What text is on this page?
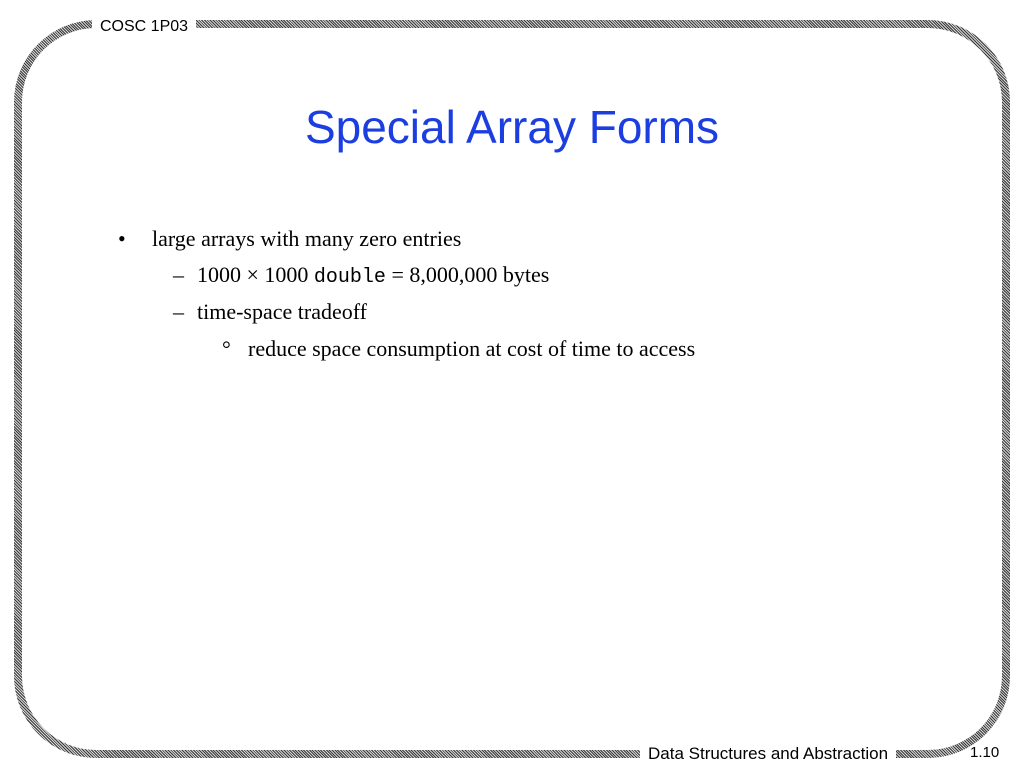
COSC 1P03
Special Array Forms
• large arrays with many zero entries
– 1000 × 1000 double = 8,000,000 bytes
– time-space tradeoff
° reduce space consumption at cost of time to access
Data Structures and Abstraction	1.10
